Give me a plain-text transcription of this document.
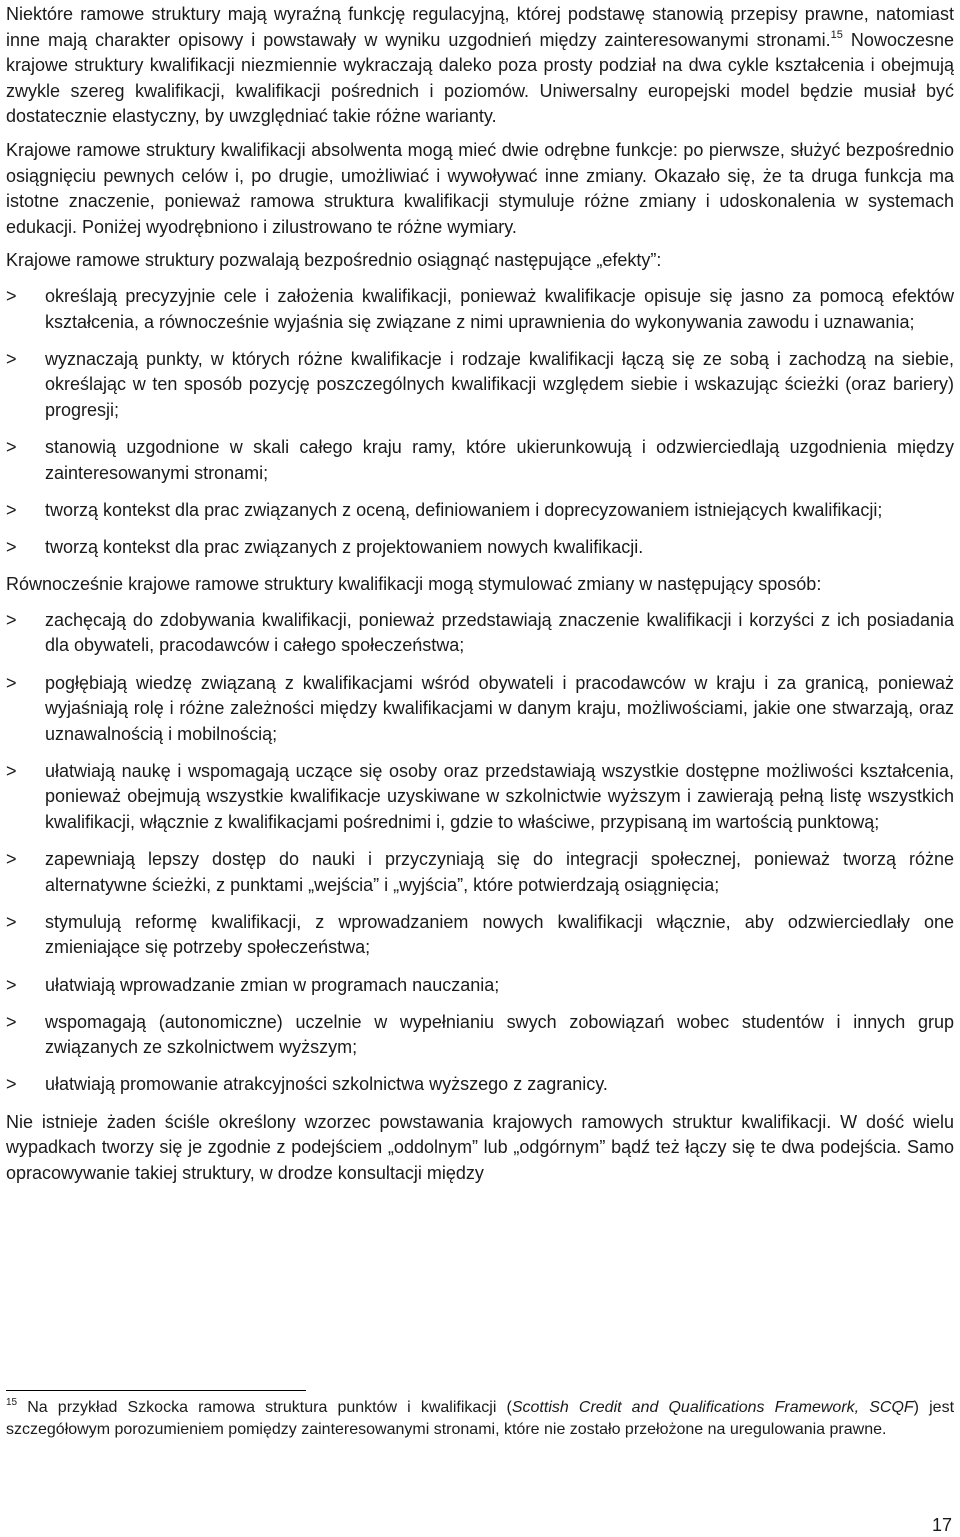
Niektóre ramowe struktury mają wyraźną funkcję regulacyjną, której podstawę stanowią przepisy prawne, natomiast inne mają charakter opisowy i powstawały w wyniku uzgodnień między zainteresowanymi stronami.$^{15}$ Nowoczesne krajowe struktury kwalifikacji niezmiennie wykraczają daleko poza prosty podział na dwa cykle kształcenia i obejmują zwykle szereg kwalifikacji, kwalifikacji pośrednich i poziomów. Uniwersalny europejski model będzie musiał być dostatecznie elastyczny, by uwzględniać takie różne warianty.

Krajowe ramowe struktury kwalifikacji absolwenta mogą mieć dwie odrębne funkcje: po pierwsze, służyć bezpośrednio osiągnięciu pewnych celów i, po drugie, umożliwiać i wywoływać inne zmiany. Okazało się, że ta druga funkcja ma istotne znaczenie, ponieważ ramowa struktura kwalifikacji stymuluje różne zmiany i udoskonalenia w systemach edukacji. Poniżej wyodrębniono i zilustrowano te różne wymiary.

Krajowe ramowe struktury pozwalają bezpośrednio osiągnąć następujące „efekty”:

> określają precyzyjnie cele i założenia kwalifikacji, ponieważ kwalifikacje opisuje się jasno za pomocą efektów kształcenia, a równocześnie wyjaśnia się związane z nimi uprawnienia do wykonywania zawodu i uznawania;
> wyznaczają punkty, w których różne kwalifikacje i rodzaje kwalifikacji łączą się ze sobą i zachodzą na siebie, określając w ten sposób pozycję poszczególnych kwalifikacji względem siebie i wskazując ścieżki (oraz bariery) progresji;
> stanowią uzgodnione w skali całego kraju ramy, które ukierunkowują i odzwierciedlają uzgodnienia między zainteresowanymi stronami;
> tworzą kontekst dla prac związanych z oceną, definiowaniem i doprecyzowaniem istniejących kwalifikacji;
> tworzą kontekst dla prac związanych z projektowaniem nowych kwalifikacji.

Równocześnie krajowe ramowe struktury kwalifikacji mogą stymulować zmiany w następujący sposób:

> zachęcają do zdobywania kwalifikacji, ponieważ przedstawiają znaczenie kwalifikacji i korzyści z ich posiadania dla obywateli, pracodawców i całego społeczeństwa;
> pogłębiają wiedzę związaną z kwalifikacjami wśród obywateli i pracodawców w kraju i za granicą, ponieważ wyjaśniają rolę i różne zależności między kwalifikacjami w danym kraju, możliwościami, jakie one stwarzają, oraz uznawalnością i mobilnością;
> ułatwiają naukę i wspomagają uczące się osoby oraz przedstawiają wszystkie dostępne możliwości kształcenia, ponieważ obejmują wszystkie kwalifikacje uzyskiwane w szkolnictwie wyższym i zawierają pełną listę wszystkich kwalifikacji, włącznie z kwalifikacjami pośrednimi i, gdzie to właściwe, przypisaną im wartością punktową;
> zapewniają lepszy dostęp do nauki i przyczyniają się do integracji społecznej, ponieważ tworzą różne alternatywne ścieżki, z punktami „wejścia” i „wyjścia”, które potwierdzają osiągnięcia;
> stymulują reformę kwalifikacji, z wprowadzaniem nowych kwalifikacji włącznie, aby odzwierciedlały one zmieniające się potrzeby społeczeństwa;
> ułatwiają wprowadzanie zmian w programach nauczania;
> wspomagają (autonomiczne) uczelnie w wypełnianiu swych zobowiązań wobec studentów i innych grup związanych ze szkolnictwem wyższym;
> ułatwiają promowanie atrakcyjności szkolnictwa wyższego z zagranicy.

Nie istnieje żaden ściśle określony wzorzec powstawania krajowych ramowych struktur kwalifikacji. W dość wielu wypadkach tworzy się je zgodnie z podejściem „oddolnym” lub „odgórnym” bądź też łączy się te dwa podejścia. Samo opracowywanie takiej struktury, w drodze konsultacji między

$^{15}$ Na przykład Szkocka ramowa struktura punktów i kwalifikacji (Scottish Credit and Qualifications Framework, SCQF) jest szczegółowym porozumieniem pomiędzy zainteresowanymi stronami, które nie zostało przełożone na uregulowania prawne.
17
